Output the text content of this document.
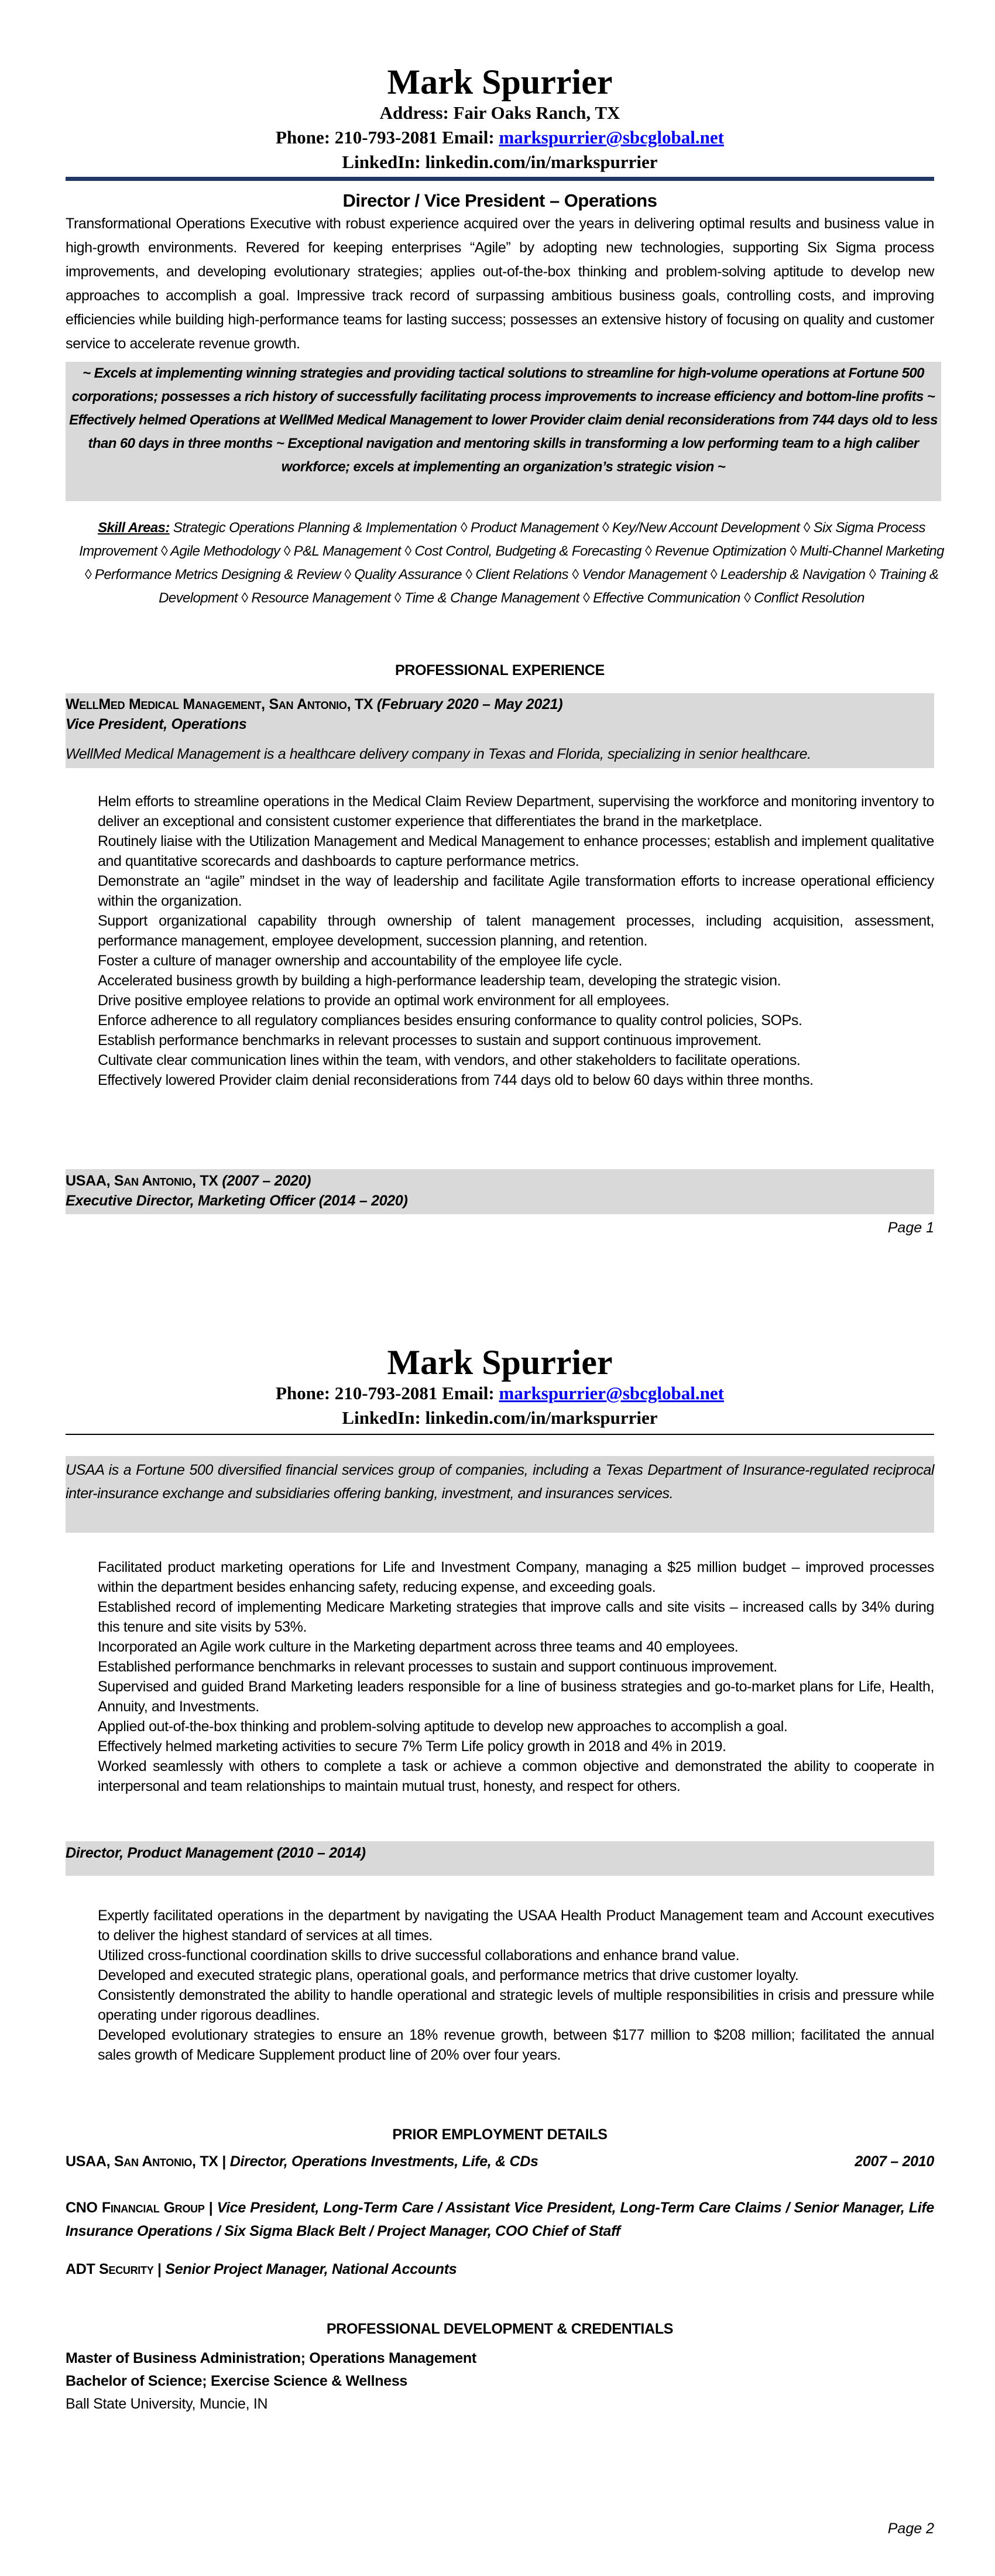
Mark Spurrier
Address: Fair Oaks Ranch, TX
Phone: 210-793-2081 Email: markspurrier@sbcglobal.net
LinkedIn: linkedin.com/in/markspurrier
Director / Vice President – Operations
Transformational Operations Executive with robust experience acquired over the years in delivering optimal results and business value in high-growth environments. Revered for keeping enterprises “Agile” by adopting new technologies, supporting Six Sigma process improvements, and developing evolutionary strategies; applies out-of-the-box thinking and problem-solving aptitude to develop new approaches to accomplish a goal. Impressive track record of surpassing ambitious business goals, controlling costs, and improving efficiencies while building high-performance teams for lasting success; possesses an extensive history of focusing on quality and customer service to accelerate revenue growth.
~ Excels at implementing winning strategies and providing tactical solutions to streamline for high-volume operations at Fortune 500 corporations; possesses a rich history of successfully facilitating process improvements to increase efficiency and bottom-line profits ~ Effectively helmed Operations at WellMed Medical Management to lower Provider claim denial reconsiderations from 744 days old to less than 60 days in three months ~ Exceptional navigation and mentoring skills in transforming a low performing team to a high caliber workforce; excels at implementing an organization’s strategic vision ~
Skill Areas: Strategic Operations Planning & Implementation ◊ Product Management ◊ Key/New Account Development ◊ Six Sigma Process Improvement ◊ Agile Methodology ◊ P&L Management ◊ Cost Control, Budgeting & Forecasting ◊ Revenue Optimization ◊ Multi-Channel Marketing ◊ Performance Metrics Designing & Review ◊ Quality Assurance ◊ Client Relations ◊ Vendor Management ◊ Leadership & Navigation ◊ Training & Development ◊ Resource Management ◊ Time & Change Management ◊ Effective Communication ◊ Conflict Resolution
PROFESSIONAL EXPERIENCE
WellMed Medical Management, San Antonio, TX (February 2020 – May 2021)
Vice President, Operations
WellMed Medical Management is a healthcare delivery company in Texas and Florida, specializing in senior healthcare.
Helm efforts to streamline operations in the Medical Claim Review Department, supervising the workforce and monitoring inventory to deliver an exceptional and consistent customer experience that differentiates the brand in the marketplace.
Routinely liaise with the Utilization Management and Medical Management to enhance processes; establish and implement qualitative and quantitative scorecards and dashboards to capture performance metrics.
Demonstrate an “agile” mindset in the way of leadership and facilitate Agile transformation efforts to increase operational efficiency within the organization.
Support organizational capability through ownership of talent management processes, including acquisition, assessment, performance management, employee development, succession planning, and retention.
Foster a culture of manager ownership and accountability of the employee life cycle.
Accelerated business growth by building a high-performance leadership team, developing the strategic vision.
Drive positive employee relations to provide an optimal work environment for all employees.
Enforce adherence to all regulatory compliances besides ensuring conformance to quality control policies, SOPs.
Establish performance benchmarks in relevant processes to sustain and support continuous improvement.
Cultivate clear communication lines within the team, with vendors, and other stakeholders to facilitate operations.
Effectively lowered Provider claim denial reconsiderations from 744 days old to below 60 days within three months.
USAA, San Antonio, TX (2007 – 2020)
Executive Director, Marketing Officer (2014 – 2020)
Page 1
Mark Spurrier
Phone: 210-793-2081 Email: markspurrier@sbcglobal.net
LinkedIn: linkedin.com/in/markspurrier
USAA is a Fortune 500 diversified financial services group of companies, including a Texas Department of Insurance-regulated reciprocal inter-insurance exchange and subsidiaries offering banking, investment, and insurances services.
Facilitated product marketing operations for Life and Investment Company, managing a $25 million budget – improved processes within the department besides enhancing safety, reducing expense, and exceeding goals.
Established record of implementing Medicare Marketing strategies that improve calls and site visits – increased calls by 34% during this tenure and site visits by 53%.
Incorporated an Agile work culture in the Marketing department across three teams and 40 employees.
Established performance benchmarks in relevant processes to sustain and support continuous improvement.
Supervised and guided Brand Marketing leaders responsible for a line of business strategies and go-to-market plans for Life, Health, Annuity, and Investments.
Applied out-of-the-box thinking and problem-solving aptitude to develop new approaches to accomplish a goal.
Effectively helmed marketing activities to secure 7% Term Life policy growth in 2018 and 4% in 2019.
Worked seamlessly with others to complete a task or achieve a common objective and demonstrated the ability to cooperate in interpersonal and team relationships to maintain mutual trust, honesty, and respect for others.
Director, Product Management (2010 – 2014)
Expertly facilitated operations in the department by navigating the USAA Health Product Management team and Account executives to deliver the highest standard of services at all times.
Utilized cross-functional coordination skills to drive successful collaborations and enhance brand value.
Developed and executed strategic plans, operational goals, and performance metrics that drive customer loyalty.
Consistently demonstrated the ability to handle operational and strategic levels of multiple responsibilities in crisis and pressure while operating under rigorous deadlines.
Developed evolutionary strategies to ensure an 18% revenue growth, between $177 million to $208 million; facilitated the annual sales growth of Medicare Supplement product line of 20% over four years.
PRIOR EMPLOYMENT DETAILS
USAA, San Antonio, TX | Director, Operations Investments, Life, & CDs	2007 – 2010
CNO Financial Group | Vice President, Long-Term Care / Assistant Vice President, Long-Term Care Claims / Senior Manager, Life Insurance Operations / Six Sigma Black Belt / Project Manager, COO Chief of Staff
ADT Security | Senior Project Manager, National Accounts
PROFESSIONAL DEVELOPMENT & CREDENTIALS
Master of Business Administration; Operations Management
Bachelor of Science; Exercise Science & Wellness
Ball State University, Muncie, IN
Page 2
